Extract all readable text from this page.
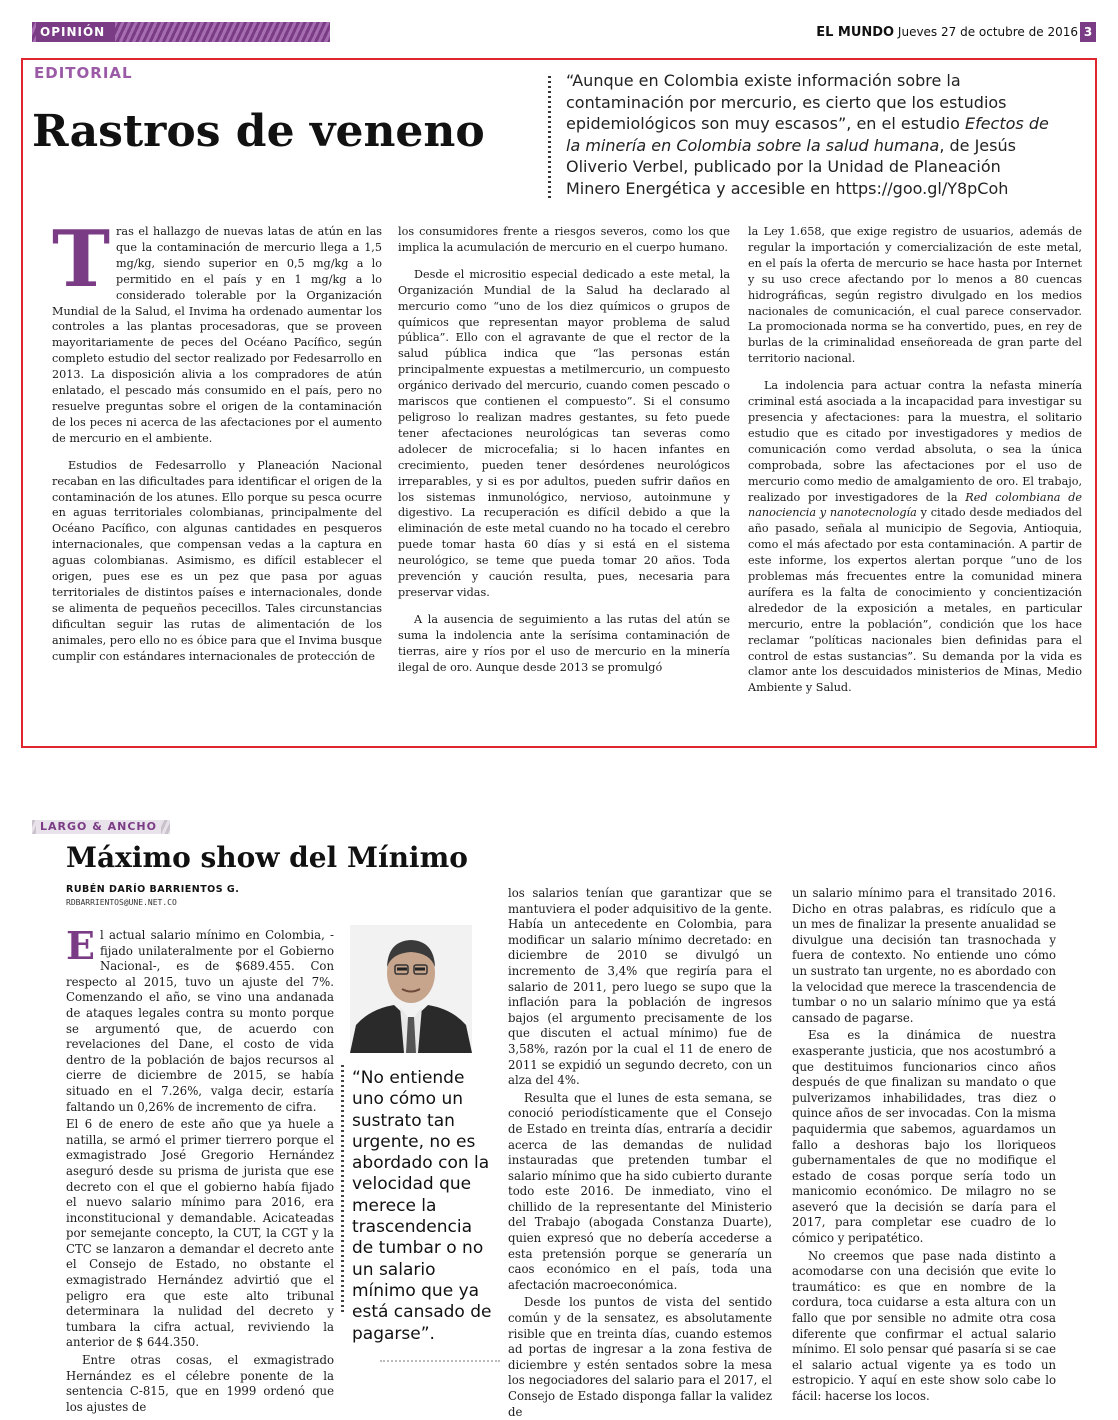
OPINIÓN	EL MUNDO Jueves 27 de octubre de 2016 3
EDITORIAL
Rastros de veneno
“Aunque en Colombia existe información sobre la contaminación por mercurio, es cierto que los estudios epidemiológicos son muy escasos”, en el estudio Efectos de la minería en Colombia sobre la salud humana, de Jesús Oliverio Verbel, publicado por la Unidad de Planeación Minero Energética y accesible en https://goo.gl/Y8pCoh

Tras el hallazgo de nuevas latas de atún en las que la contaminación de mercurio llega a 1,5 mg/kg, siendo superior en 0,5 mg/kg a lo permitido en el país y en 1 mg/kg a lo considerado tolerable por la Organización Mundial de la Salud, el Invima ha ordenado aumentar los controles a las plantas procesadoras, que se proveen mayoritariamente de peces del Océano Pacífico, según completo estudio del sector realizado por Fedesarrollo en 2013. La disposición alivia a los compradores de atún enlatado, el pescado más consumido en el país, pero no resuelve preguntas sobre el origen de la contaminación de los peces ni acerca de las afectaciones por el aumento de mercurio en el ambiente.

Estudios de Fedesarrollo y Planeación Nacional recaban en las dificultades para identificar el origen de la contaminación de los atunes. Ello porque su pesca ocurre en aguas territoriales colombianas, principalmente del Océano Pacífico, con algunas cantidades en pesqueros internacionales, que compensan vedas a la captura en aguas colombianas. Asimismo, es difícil establecer el origen, pues ese es un pez que pasa por aguas territoriales de distintos países e internacionales, donde se alimenta de pequeños pececillos. Tales circunstancias dificultan seguir las rutas de alimentación de los animales, pero ello no es óbice para que el Invima busque cumplir con estándares internacionales de protección de

los consumidores frente a riesgos severos, como los que implica la acumulación de mercurio en el cuerpo humano.

Desde el micrositio especial dedicado a este metal, la Organización Mundial de la Salud ha declarado al mercurio como “uno de los diez químicos o grupos de químicos que representan mayor problema de salud pública”. Ello con el agravante de que el rector de la salud pública indica que “las personas están principalmente expuestas a metilmercurio, un compuesto orgánico derivado del mercurio, cuando comen pescado o mariscos que contienen el compuesto”. Si el consumo peligroso lo realizan madres gestantes, su feto puede tener afectaciones neurológicas tan severas como adolecer de microcefalia; si lo hacen infantes en crecimiento, pueden tener desórdenes neurológicos irreparables, y si es por adultos, pueden sufrir daños en los sistemas inmunológico, nervioso, autoinmune y digestivo. La recuperación es difícil debido a que la eliminación de este metal cuando no ha tocado el cerebro puede tomar hasta 60 días y si está en el sistema neurológico, se teme que pueda tomar 20 años. Toda prevención y caución resulta, pues, necesaria para preservar vidas.

A la ausencia de seguimiento a las rutas del atún se suma la indolencia ante la serísima contaminación de tierras, aire y ríos por el uso de mercurio en la minería ilegal de oro. Aunque desde 2013 se promulgó

la Ley 1.658, que exige registro de usuarios, además de regular la importación y comercialización de este metal, en el país la oferta de mercurio se hace hasta por Internet y su uso crece afectando por lo menos a 80 cuencas hidrográficas, según registro divulgado en los medios nacionales de comunicación, el cual parece conservador. La promocionada norma se ha convertido, pues, en rey de burlas de la criminalidad enseñoreada de gran parte del territorio nacional.

La indolencia para actuar contra la nefasta minería criminal está asociada a la incapacidad para investigar su presencia y afectaciones: para la muestra, el solitario estudio que es citado por investigadores y medios de comunicación como verdad absoluta, o sea la única comprobada, sobre las afectaciones por el uso de mercurio como medio de amalgamiento de oro. El trabajo, realizado por investigadores de la Red colombiana de nanociencia y nanotecnología y citado desde mediados del año pasado, señala al municipio de Segovia, Antioquia, como el más afectado por esta contaminación. A partir de este informe, los expertos alertan porque “uno de los problemas más frecuentes entre la comunidad minera aurífera es la falta de conocimiento y concientización alrededor de la exposición a metales, en particular mercurio, entre la población”, condición que los hace reclamar “políticas nacionales bien definidas para el control de estas sustancias”. Su demanda por la vida es clamor ante los descuidados ministerios de Minas, Medio Ambiente y Salud.

LARGO & ANCHO
Máximo show del Mínimo
RUBÉN DARÍO BARRIENTOS G.
RDBARRIENTOS@UNE.NET.CO
“No entiende uno cómo un sustrato tan urgente, no es abordado con la velocidad que merece la trascendencia de tumbar o no un salario mínimo que ya está cansado de pagarse”.

El actual salario mínimo en Colombia, -fijado unilateralmente por el Gobierno Nacional-, es de $689.455. Con respecto al 2015, tuvo un ajuste del 7%. Comenzando el año, se vino una andanada de ataques legales contra su monto porque se argumentó que, de acuerdo con revelaciones del Dane, el costo de vida dentro de la población de bajos recursos al cierre de diciembre de 2015, se había situado en el 7.26%, valga decir, estaría faltando un 0,26% de incremento de cifra.

El 6 de enero de este año que ya huele a natilla, se armó el primer tierrero porque el exmagistrado José Gregorio Hernández aseguró desde su prisma de jurista que ese decreto con el que el gobierno había fijado el nuevo salario mínimo para 2016, era inconstitucional y demandable. Acicateadas por semejante concepto, la CUT, la CGT y la CTC se lanzaron a demandar el decreto ante el Consejo de Estado, no obstante el exmagistrado Hernández advirtió que el peligro era que este alto tribunal determinara la nulidad del decreto y tumbara la cifra actual, reviviendo la anterior de $ 644.350.

Entre otras cosas, el exmagistrado Hernández es el célebre ponente de la sentencia C-815, que en 1999 ordenó que los ajustes de

los salarios tenían que garantizar que se mantuviera el poder adquisitivo de la gente. Había un antecedente en Colombia, para modificar un salario mínimo decretado: en diciembre de 2010 se divulgó un incremento de 3,4% que regiría para el salario de 2011, pero luego se supo que la inflación para la población de ingresos bajos (el argumento precisamente de los que discuten el actual mínimo) fue de 3,58%, razón por la cual el 11 de enero de 2011 se expidió un segundo decreto, con un alza del 4%.

Resulta que el lunes de esta semana, se conoció periodísticamente que el Consejo de Estado en treinta días, entraría a decidir acerca de las demandas de nulidad instauradas que pretenden tumbar el salario mínimo que ha sido cubierto durante todo este 2016. De inmediato, vino el chillido de la representante del Ministerio del Trabajo (abogada Constanza Duarte), quien expresó que no debería accederse a esta pretensión porque se generaría un caos económico en el país, toda una afectación macroeconómica.

Desde los puntos de vista del sentido común y de la sensatez, es absolutamente risible que en treinta días, cuando estemos ad portas de ingresar a la zona festiva de diciembre y estén sentados sobre la mesa los negociadores del salario para el 2017, el Consejo de Estado disponga fallar la validez de

un salario mínimo para el transitado 2016. Dicho en otras palabras, es ridículo que a un mes de finalizar la presente anualidad se divulgue una decisión tan trasnochada y fuera de contexto. No entiende uno cómo un sustrato tan urgente, no es abordado con la velocidad que merece la trascendencia de tumbar o no un salario mínimo que ya está cansado de pagarse.

Esa es la dinámica de nuestra exasperante justicia, que nos acostumbró a que destituimos funcionarios cinco años después de que finalizan su mandato o que pulverizamos inhabilidades, tras diez o quince años de ser invocadas. Con la misma paquidermia que sabemos, aguardamos un fallo a deshoras bajo los lloriqueos gubernamentales de que no modifique el estado de cosas porque sería todo un manicomio económico. De milagro no se aseveró que la decisión se daría para el 2017, para completar ese cuadro de lo cómico y peripatético.

No creemos que pase nada distinto a acomodarse con una decisión que evite lo traumático: es que en nombre de la cordura, toca cuidarse a esta altura con un fallo que por sensible no admite otra cosa diferente que confirmar el actual salario mínimo. El solo pensar qué pasaría si se cae el salario actual vigente ya es todo un estropicio. Y aquí en este show solo cabe lo fácil: hacerse los locos.
